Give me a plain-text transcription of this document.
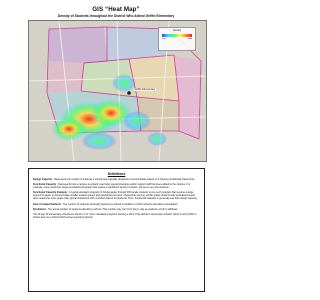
GIS “Heat Map”
Density of Students throughout the District Who Attend Griffin Elementary
Density
Low	High
Griffin Elementary
Definitions

Design Capacity - Represents the number of students a school was originally designed to accommodate based on # housing (traditional) classrooms.

Functional Capacity - Represents how a campus is actually used after special programs and/or support staff has been added to the campus. For example, many campuses house specialized programs that require a significant amount of space, but serve very few students.

Functional Capacity Example - A typical education program for Kindergarten through Fifth grade students is one such program that requires a large amount of space to accommodate smaller student groups and specialized services. Classrooms serving 1st-5th grade students with specialized needs often require far more space than typical classrooms with a student load of 22 students; Thus, Functional Capacity is generally less than design capacity.

Over-Crowded Students - The number of students physically housed at a school in addition to which school's attendance boundaries.

Enrollment - The actual number of students attending a school. This number may vary from day to day as students enroll or withdraw.

*All 10 day-10 elementary schools are found to 2 or more mandated programs housing a third of the district’s elementary schools, which is why Griffin is shown here as a school which serves special programs.
